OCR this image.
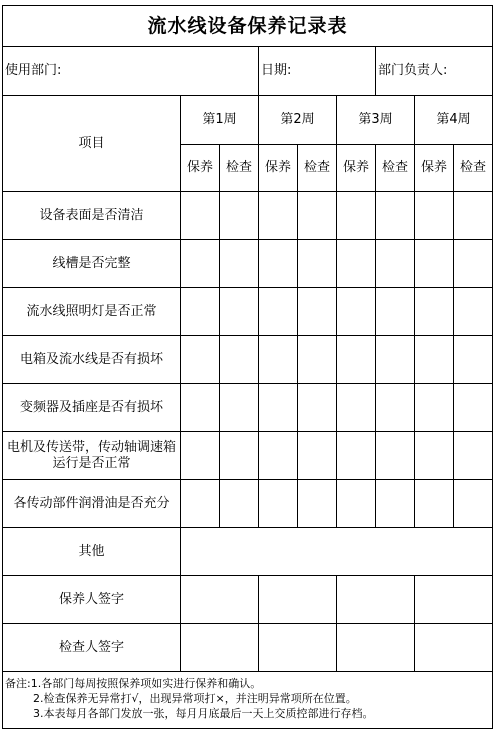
流水线设备保养记录表								
使用部门:			日期:			部门负责人:		
项目	第1周		第2周		第3周		第4周	
	保养	检查	保养	检查	保养	检查	保养	检查
设备表面是否清洁								
线槽是否完整								
流水线照明灯是否正常								
电箱及流水线是否有损坏								
变频器及插座是否有损坏								
电机及传送带，传动轴调速箱运行是否正常								
各传动部件润滑油是否充分								
其他								
保养人签字								
检查人签字								

备注:1.各部门每周按照保养项如实进行保养和确认。
2.检查保养无异常打√，出现异常项打×，并注明异常项所在位置。
3.本表每月各部门发放一张，每月月底最后一天上交质控部进行存档。								
